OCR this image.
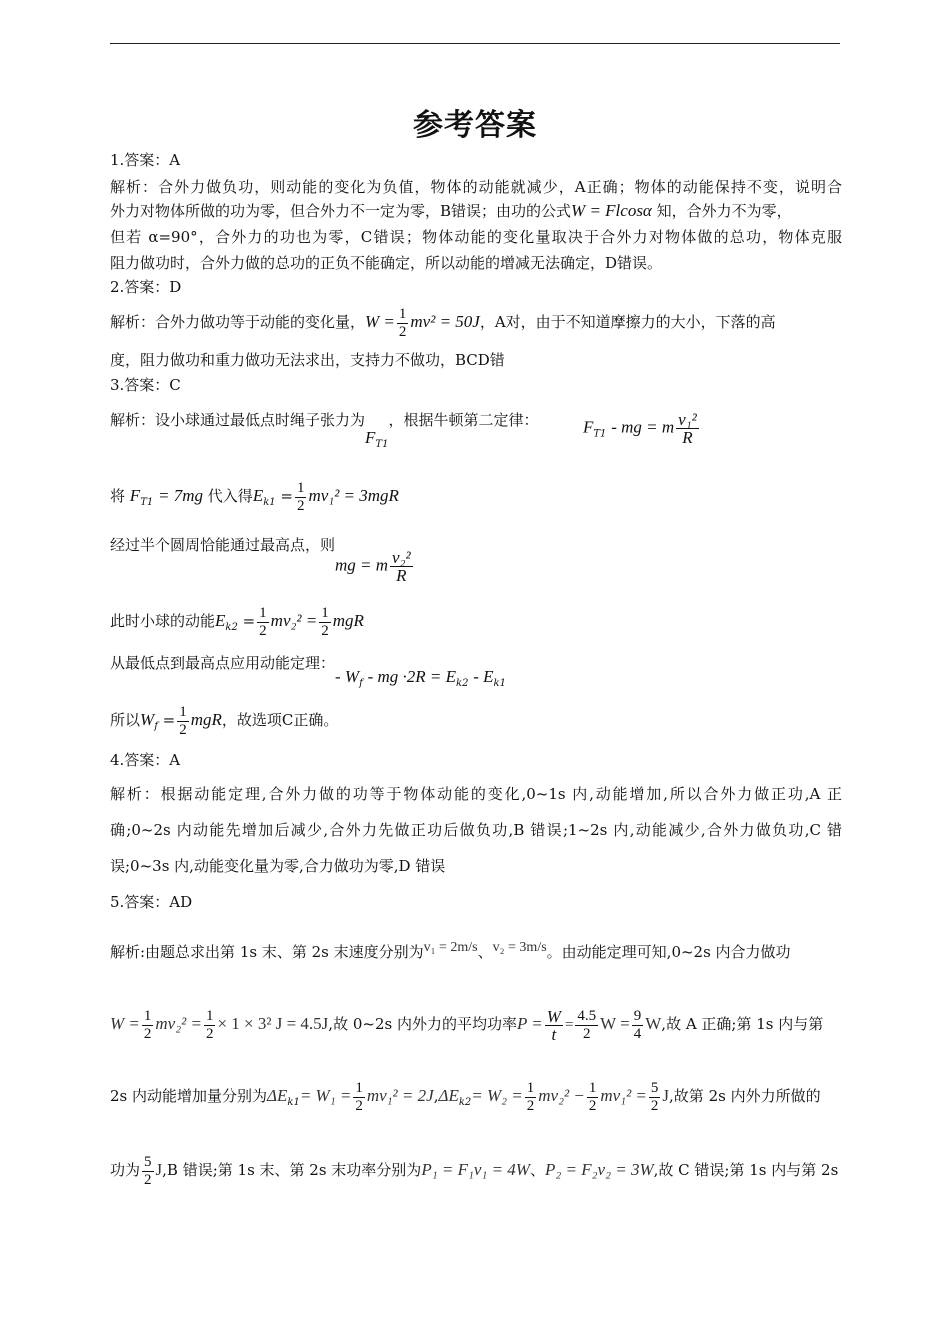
参考答案
1.答案：A
解析：合外力做负功，则动能的变化为负值，物体的动能就减少，A正确；物体的动能保持不变，说明合
外力对物体所做的功为零，但合外力不一定为零，B错误；由功的公式W = Flcosα 知，合外力不为零，
但若 α=90°，合外力的功也为零，C错误；物体动能的变化量取决于合外力对物体做的总功，物体克服
阻力做功时，合外力做的总功的正负不能确定，所以动能的增减无法确定，D错误。
2.答案：D
解析：合外力做功等于动能的变化量，$W = \frac{1}{2} mv^2 = 50J$，A对，由于不知道摩擦力的大小，下落的高
度，阻力做功和重力做功无法求出，支持力不做功，BCD错
3.答案：C
解析：设小球通过最低点时绳子张力为$F_{T1}$，根据牛顿第二定律：	$F_{T1}$ - mg = m $\frac{\text{v₁²}}{R}$
将 $F_{T1} = 7mg$ 代入得$E_{k1} = \frac{1}{2} mv_1^2 = 3mgR$
经过半个圆周恰能通过最高点，则mg = m $\frac{\text{v₂²}}{R}$
此时小球的动能$E_{k2} = \frac{1}{2} mv_2^2 = \frac{1}{2}$ mgR
从最低点到最高点应用动能定理：- $W_f$ - mg $\cdot 2R = E_{k2} - E_{k1}$
所以$W_f = \frac{1}{2}$ mgR，故选项C正确。
4.答案：A
解析：根据动能定理,合外力做的功等于物体动能的变化,0~1s 内,动能增加,所以合外力做正功,A 正
确;0~2s 内动能先增加后减少,合外力先做正功后做负功,B 错误;1~2s 内,动能减少,合外力做负功,C 错
误;0~3s 内,动能变化量为零,合力做功为零,D 错误
5.答案：AD
解析:由题总求出第 1s 末、第 2s 末速度分别为v₁ = 2m/s、v₂ = 3m/s。由动能定理可知,0~2s 内合力做功
$W = \frac{1}{2} mv_2^2 = \frac{1}{2} \times 1 \times 3^2$ J = 4.5J,故 0~2s 内外力的平均功率$P = \frac{W}{t} = \frac{4.5}{2}$ $W = \frac{9}{4} W$,故 A 正确;第 1s 内与第
2s 内动能增加量分别为$\Delta E_{k1}= W_1 = \frac{1}{2} mv_1^2 = 2J,\Delta E_{k2}= W_2 = \frac{1}{2} mv_2^2 - \frac{1}{2} mv_1^2 = \frac{5}{2} J$,故第 2s 内外力所做的
功为 $\frac{5}{2} J,B$ 错误;第 1s 末、第 2s 末功率分别为P₁ = F₁v₁ = 4W、P₂ = F₂v₂ = 3W,故 C 错误;第 1s 内与第 2s
